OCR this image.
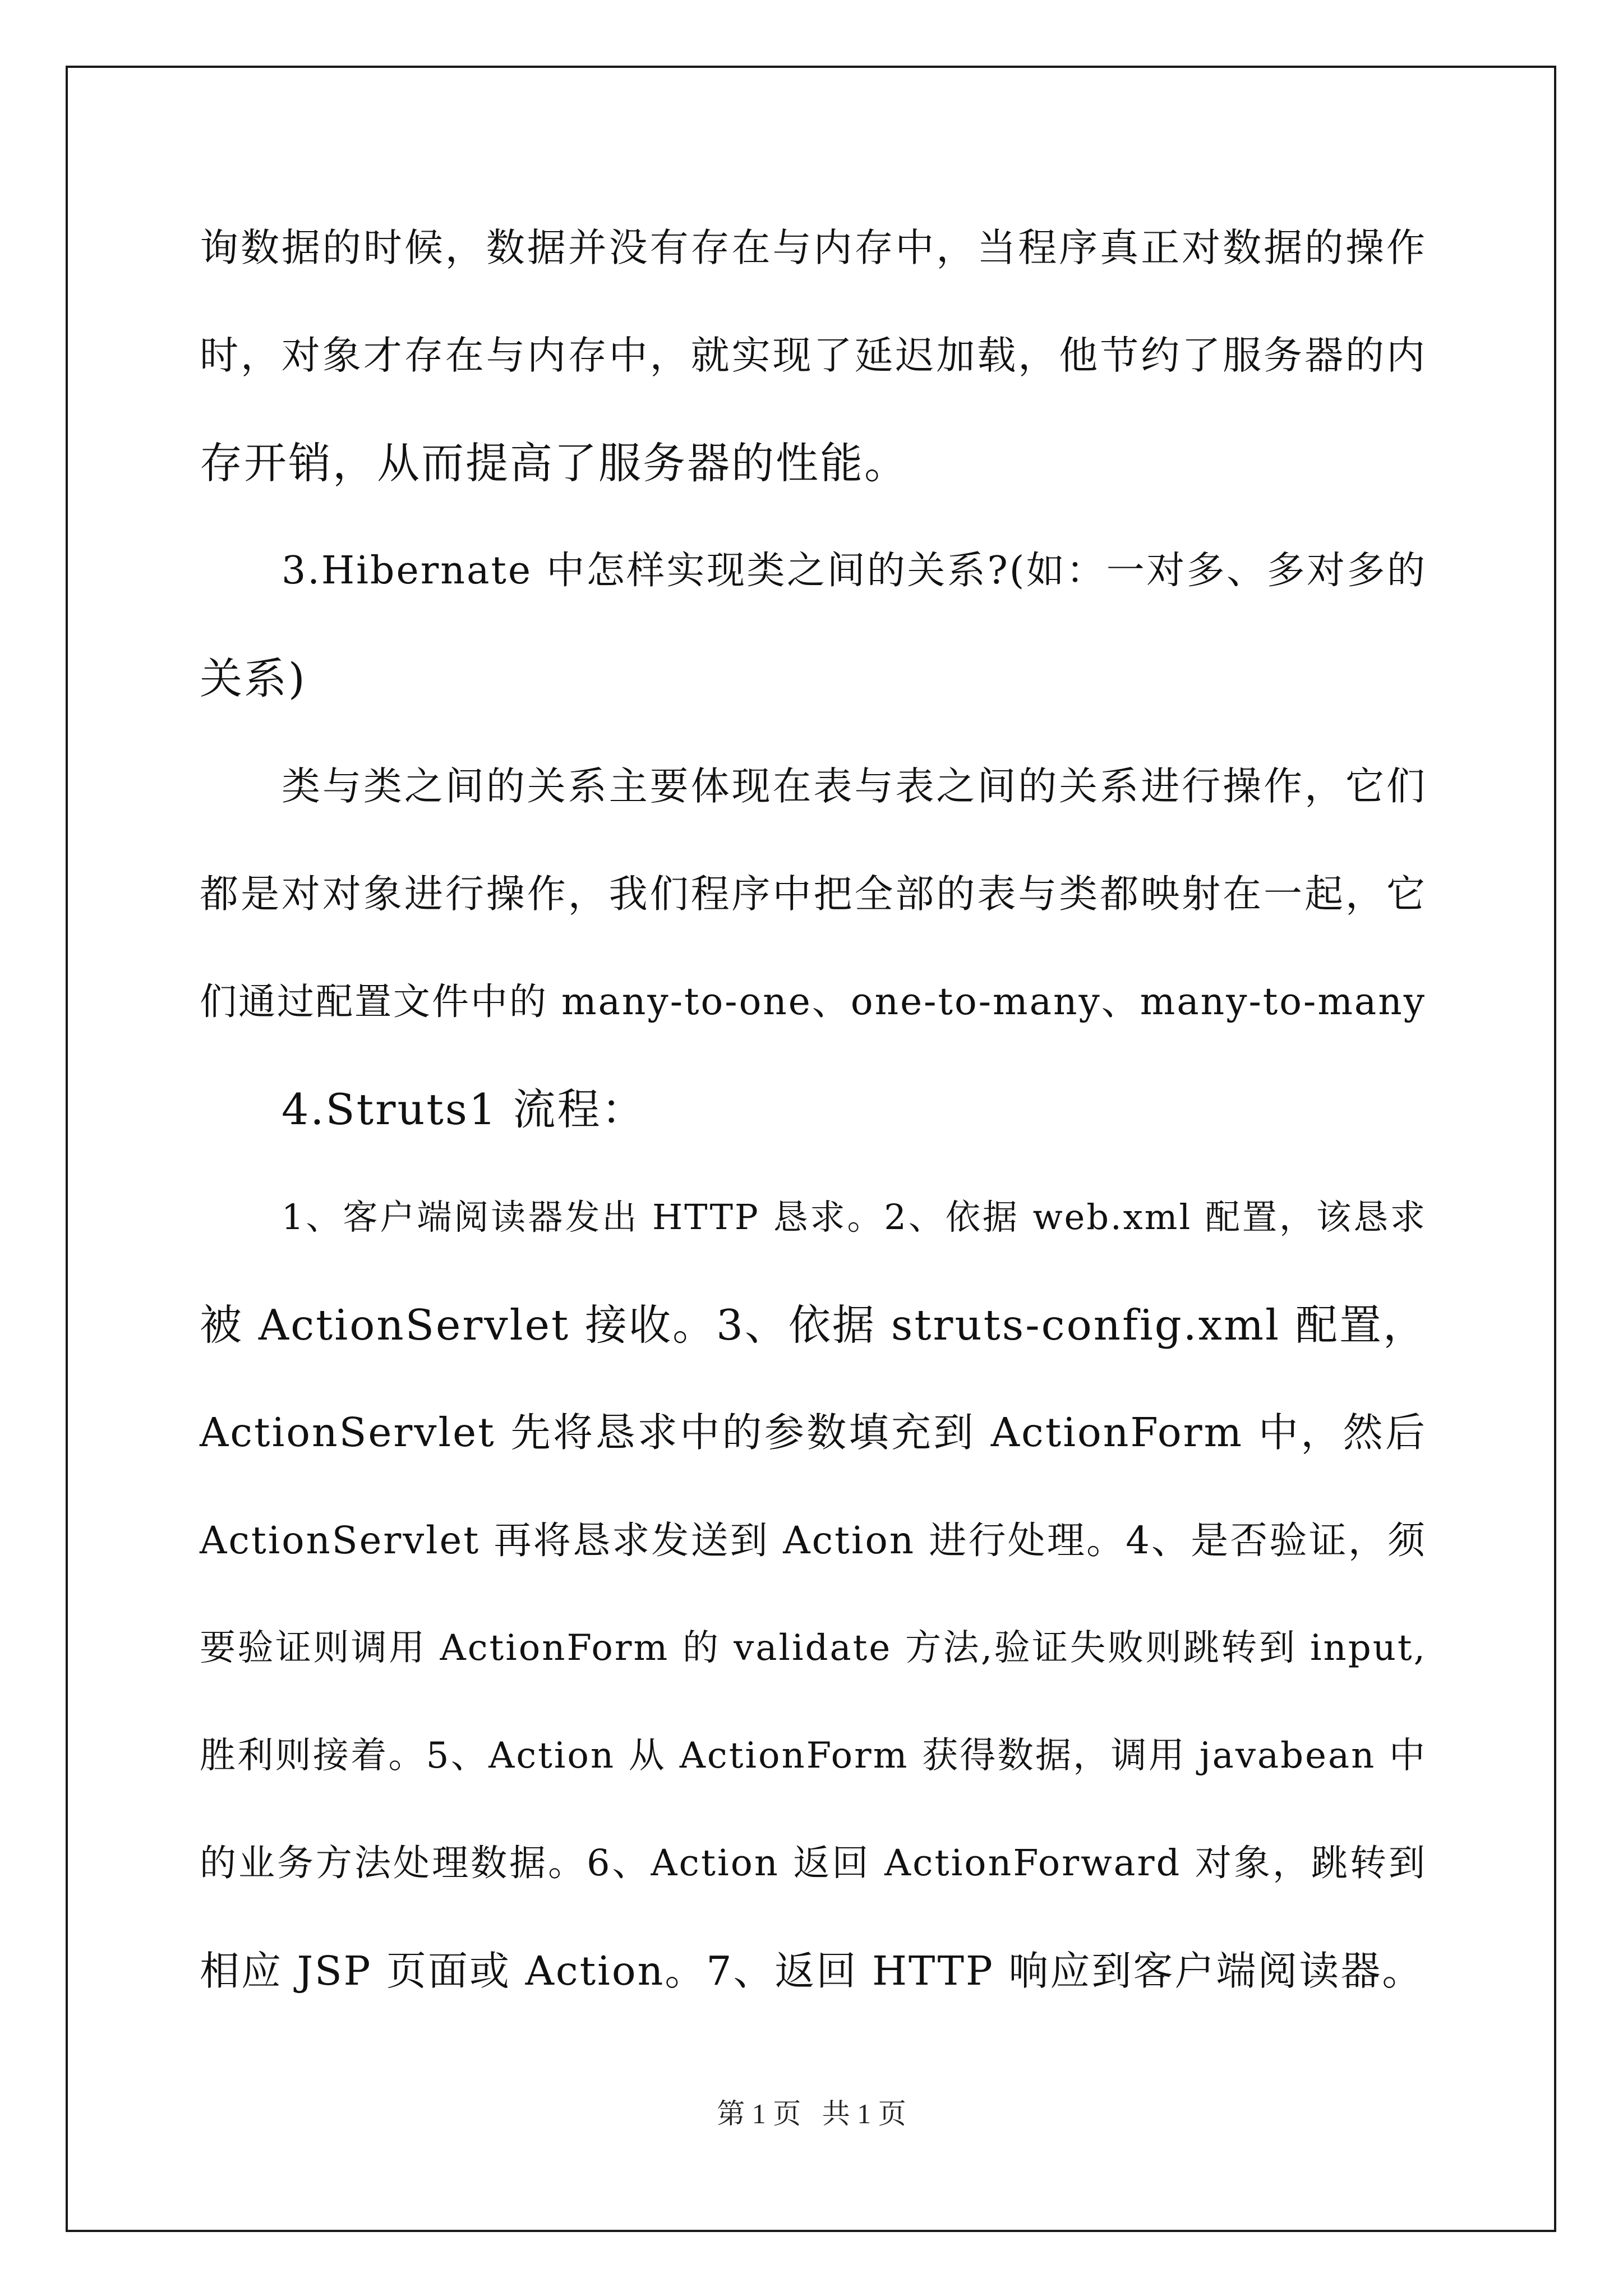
询数据的时候，数据并没有存在与内存中，当程序真正对数据的操作
时，对象才存在与内存中，就实现了延迟加载，他节约了服务器的内
存开销，从而提高了服务器的性能。
3.Hibernate 中怎样实现类之间的关系?(如：一对多、多对多的
关系)
类与类之间的关系主要体现在表与表之间的关系进行操作，它们
都是对对象进行操作，我们程序中把全部的表与类都映射在一起，它
们通过配置文件中的 many-to-one、one-to-many、many-to-many
4.Struts1 流程：
1、客户端阅读器发出 HTTP 恳求。2、依据 web.xml 配置，该恳求
被 ActionServlet 接收。3、依据 struts-config.xml 配置，
ActionServlet 先将恳求中的参数填充到 ActionForm 中，然后
ActionServlet 再将恳求发送到 Action 进行处理。4、是否验证，须
要验证则调用 ActionForm 的 validate 方法,验证失败则跳转到 input,
胜利则接着。5、Action 从 ActionForm 获得数据，调用 javabean 中
的业务方法处理数据。6、Action 返回 ActionForward 对象，跳转到
相应 JSP 页面或 Action。7、返回 HTTP 响应到客户端阅读器。
第 1 页   共 1 页
